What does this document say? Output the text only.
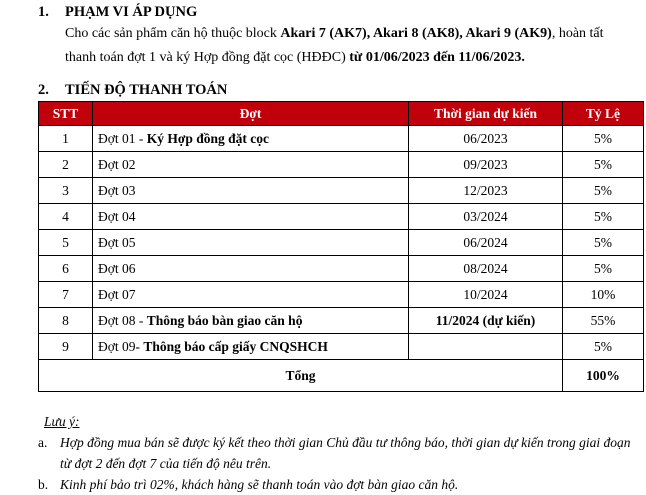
1. PHẠM VI ÁP DỤNG
Cho các sản phẩm căn hộ thuộc block Akari 7 (AK7), Akari 8 (AK8), Akari 9 (AK9), hoàn tất thanh toán đợt 1 và ký Hợp đồng đặt cọc (HĐĐC) từ 01/06/2023 đến 11/06/2023.
2. TIẾN ĐỘ THANH TOÁN
STT	Đợt	Thời gian dự kiến	Tỷ Lệ
1	Đợt 01 - Ký Hợp đồng đặt cọc	06/2023	5%
2	Đợt 02	09/2023	5%
3	Đợt 03	12/2023	5%
4	Đợt 04	03/2024	5%
5	Đợt 05	06/2024	5%
6	Đợt 06	08/2024	5%
7	Đợt 07	10/2024	10%
8	Đợt 08 - Thông báo bàn giao căn hộ	11/2024 (dự kiến)	55%
9	Đợt 09- Thông báo cấp giấy CNQSHCH		5%
Tổng			100%
Lưu ý:
a. Hợp đồng mua bán sẽ được ký kết theo thời gian Chủ đầu tư thông báo, thời gian dự kiến trong giai đoạn từ đợt 2 đến đợt 7 của tiến độ nêu trên.
b. Kinh phí bảo trì 02%, khách hàng sẽ thanh toán vào đợt bàn giao căn hộ.
